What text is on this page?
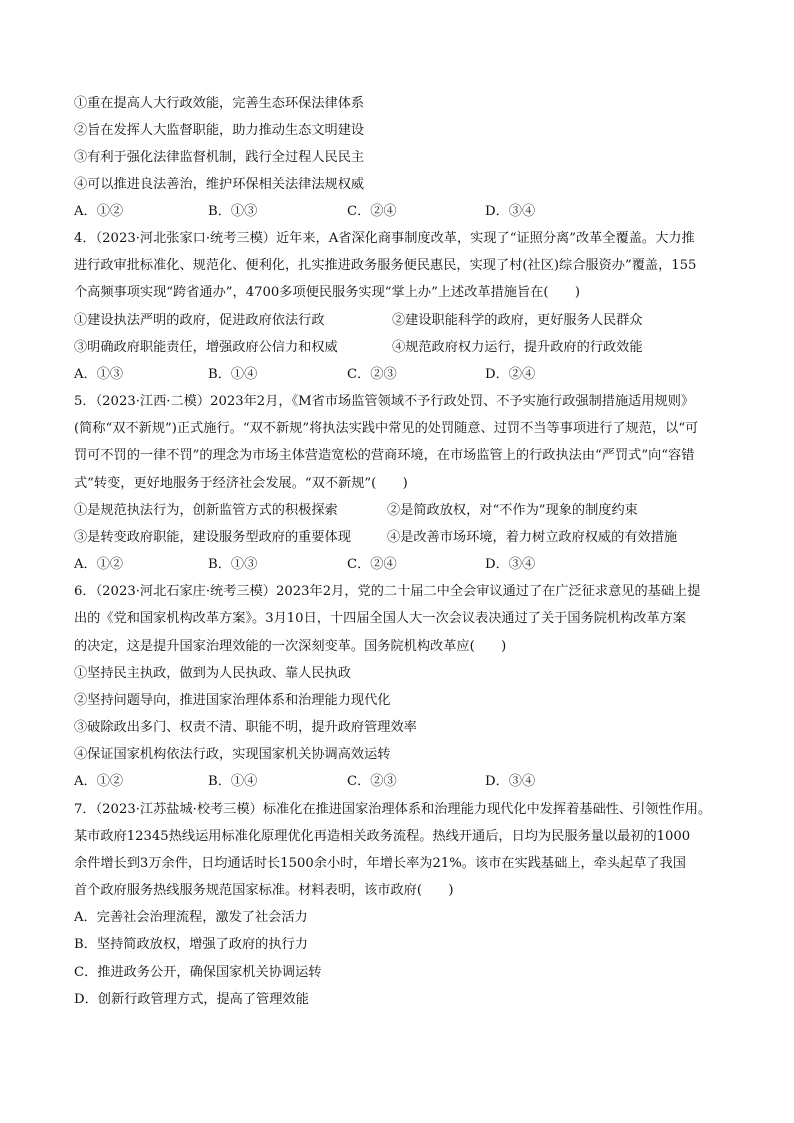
①重在提高人大行政效能，完善生态环保法律体系
②旨在发挥人大监督职能，助力推动生态文明建设
③有利于强化法律监督机制，践行全过程人民民主
④可以推进良法善治，维护环保相关法律法规权威
A．①②	B．①③	C．②④	D．③④
4．（2023·河北张家口·统考三模）近年来，A省深化商事制度改革，实现了“证照分离”改革全覆盖。大力推
进行政审批标准化、规范化、便利化，扎实推进政务服务便民惠民，实现了村(社区)综合服资办”覆盖，155
个高频事项实现“跨省通办”，4700多项便民服务实现“掌上办”上述改革措施旨在(　　)
①建设执法严明的政府，促进政府依法行政	②建设职能科学的政府，更好服务人民群众
③明确政府职能责任，增强政府公信力和权威	④规范政府权力运行，提升政府的行政效能
A．①③	B．①④	C．②③	D．②④
5．（2023·江西·二模）2023年2月，《M省市场监管领域不予行政处罚、不予实施行政强制措施适用规则》
(简称“双不新规”)正式施行。“双不新规”将执法实践中常见的处罚随意、过罚不当等事项进行了规范，以“可
罚可不罚的一律不罚”的理念为市场主体营造宽松的营商环境，在市场监管上的行政执法由“严罚式”向“容错
式”转变，更好地服务于经济社会发展。“双不新规”(　　)
①是规范执法行为，创新监管方式的积极探索	②是简政放权，对“不作为”现象的制度约束
③是转变政府职能，建设服务型政府的重要体现	④是改善市场环境，着力树立政府权威的有效措施
A．①②	B．①③	C．②④	D．③④
6．（2023·河北石家庄·统考三模）2023年2月，党的二十届二中全会审议通过了在广泛征求意见的基础上提
出的《党和国家机构改革方案》。3月10日，十四届全国人大一次会议表决通过了关于国务院机构改革方案
的决定，这是提升国家治理效能的一次深刻变革。国务院机构改革应(　　)
①坚持民主执政，做到为人民执政、靠人民执政
②坚持问题导向，推进国家治理体系和治理能力现代化
③破除政出多门、权责不清、职能不明，提升政府管理效率
④保证国家机构依法行政，实现国家机关协调高效运转
A．①②	B．①④	C．②③	D．③④
7．（2023·江苏盐城·校考三模）标准化在推进国家治理体系和治理能力现代化中发挥着基础性、引领性作用。
某市政府12345热线运用标准化原理优化再造相关政务流程。热线开通后，日均为民服务量以最初的1000
余件增长到3万余件，日均通话时长1500余小时，年增长率为21%。该市在实践基础上，牵头起草了我国
首个政府服务热线服务规范国家标准。材料表明，该市政府(　　)
A．完善社会治理流程，激发了社会活力
B．坚持简政放权，增强了政府的执行力
C．推进政务公开，确保国家机关协调运转
D．创新行政管理方式，提高了管理效能
